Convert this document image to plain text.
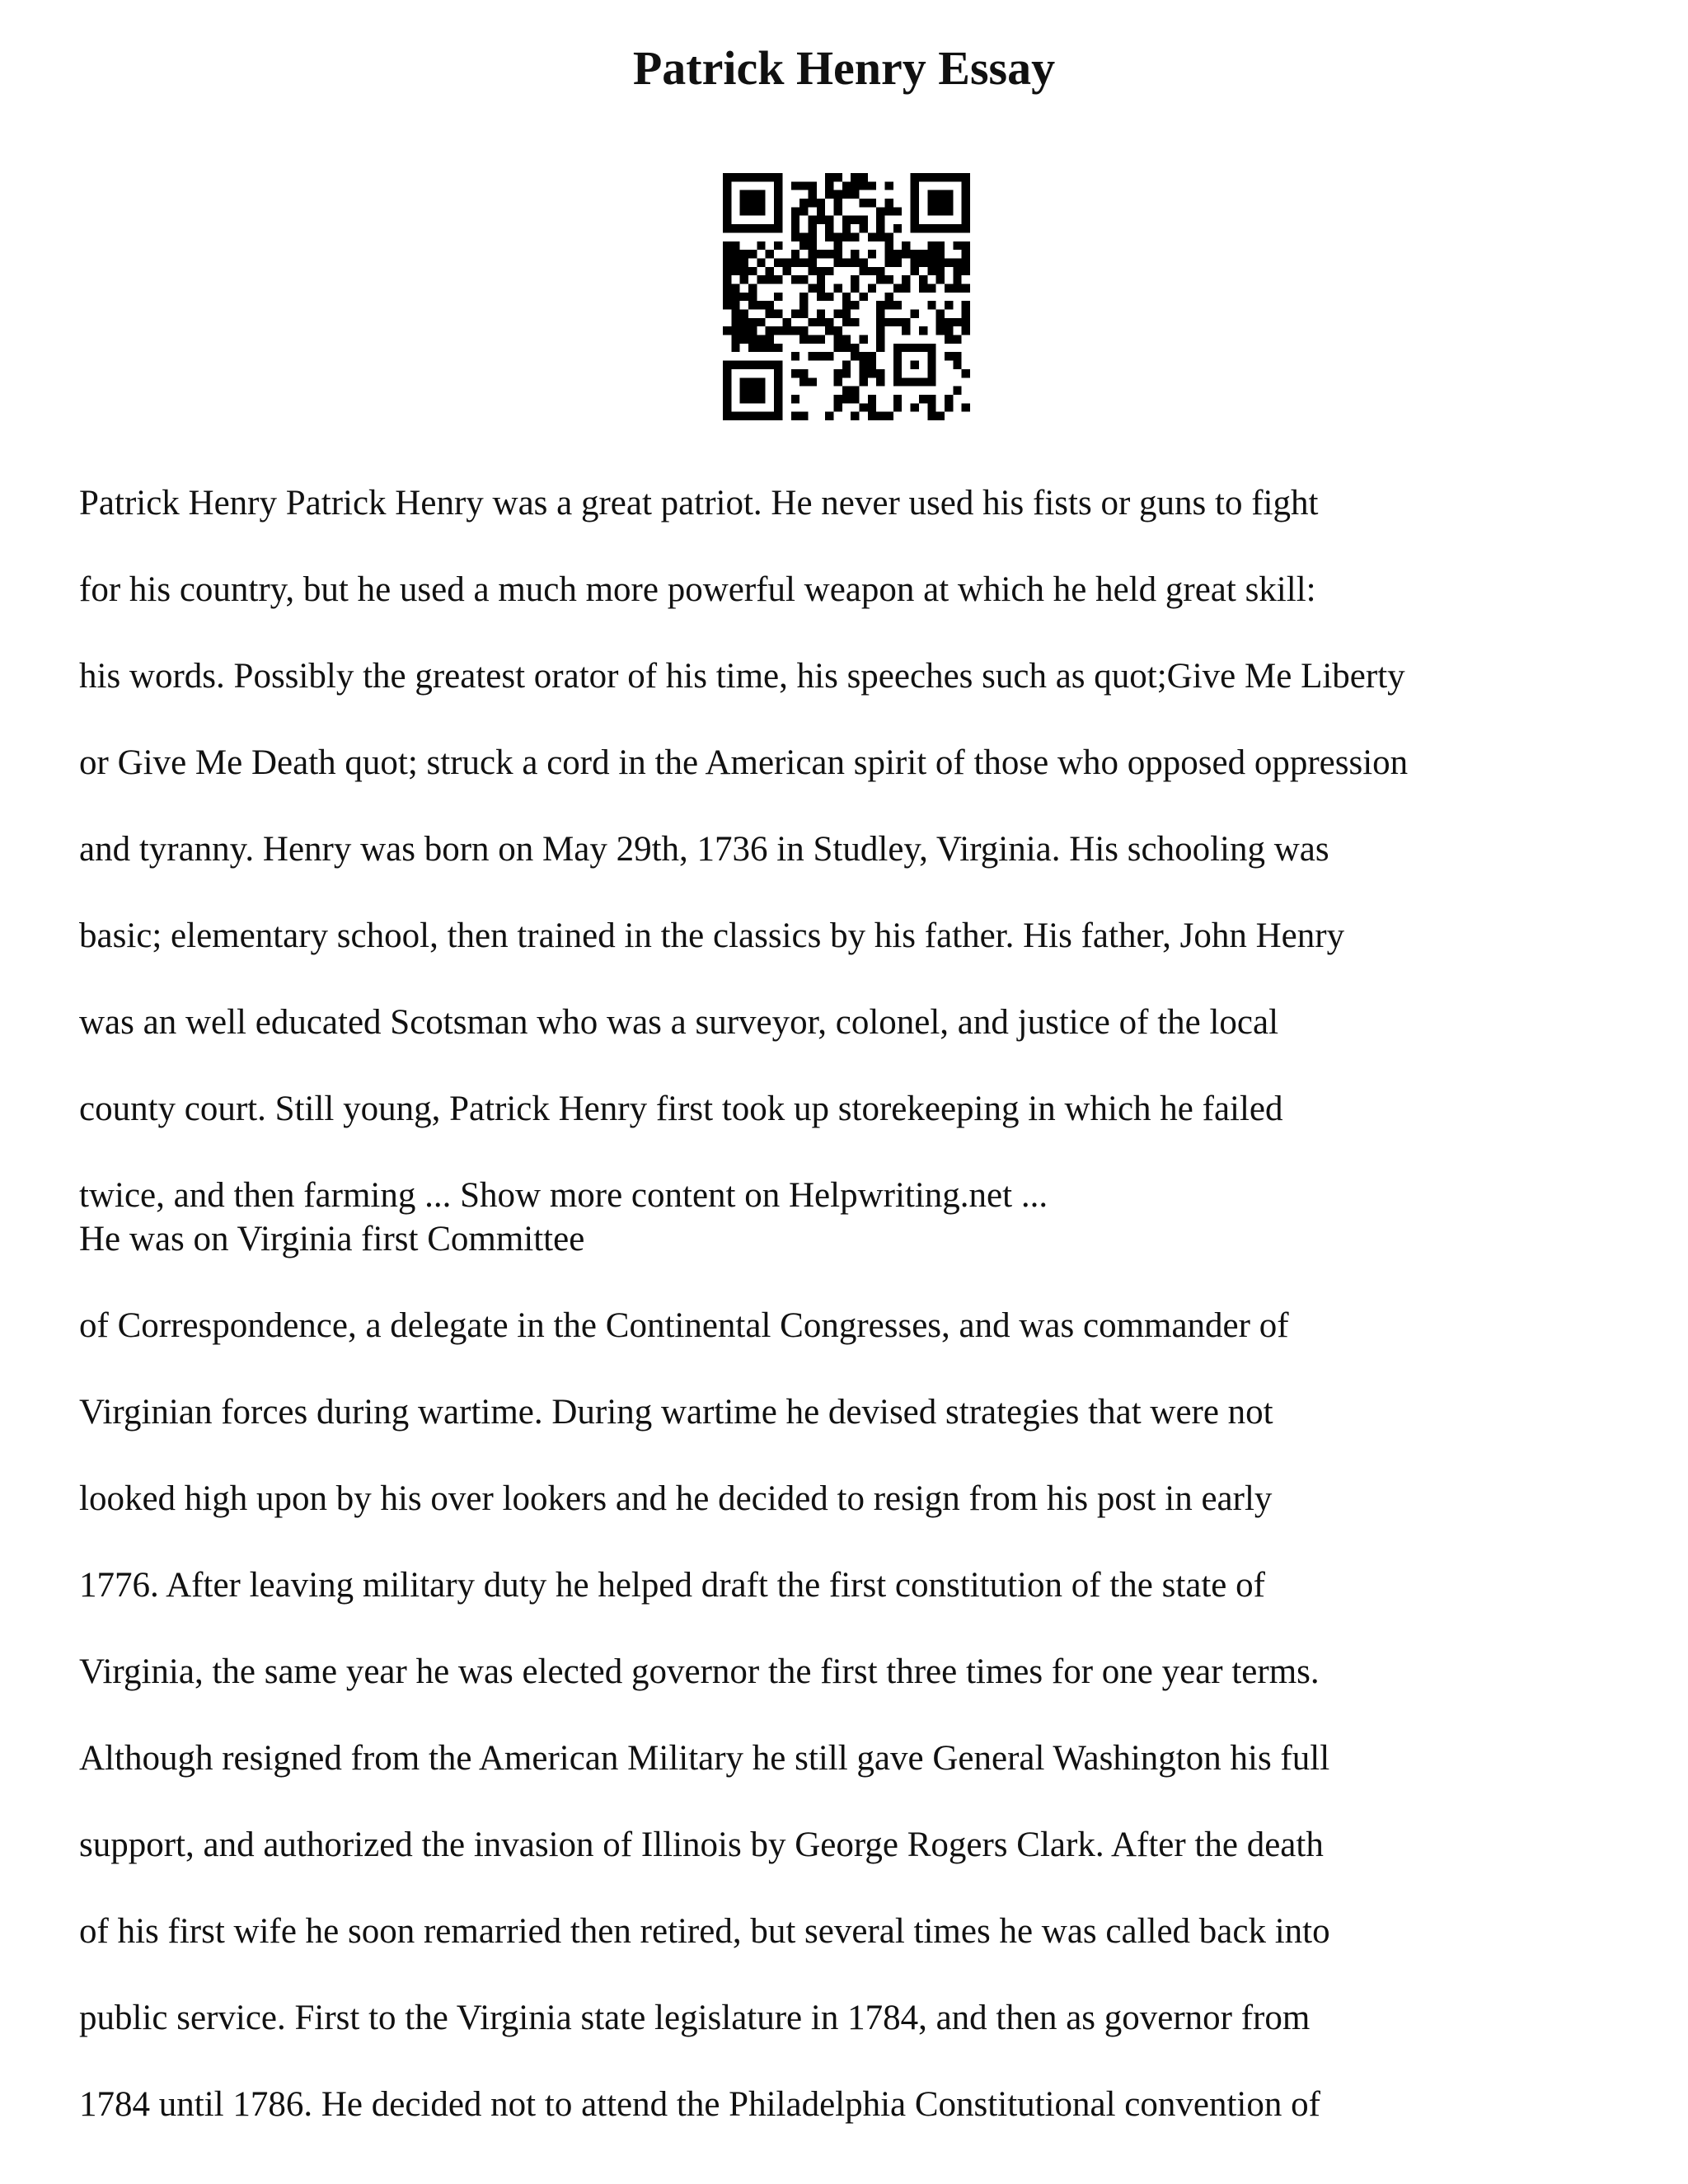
Patrick Henry Essay

Patrick Henry Patrick Henry was a great patriot. He never used his fists or guns to fight

for his country, but he used a much more powerful weapon at which he held great skill:

his words. Possibly the greatest orator of his time, his speeches such as quot;Give Me Liberty

or Give Me Death quot; struck a cord in the American spirit of those who opposed oppression

and tyranny. Henry was born on May 29th, 1736 in Studley, Virginia. His schooling was

basic; elementary school, then trained in the classics by his father. His father, John Henry

was an well educated Scotsman who was a surveyor, colonel, and justice of the local

county court. Still young, Patrick Henry first took up storekeeping in which he failed

twice, and then farming ... Show more content on Helpwriting.net ...

He was on Virginia first Committee

of Correspondence, a delegate in the Continental Congresses, and was commander of

Virginian forces during wartime. During wartime he devised strategies that were not

looked high upon by his over lookers and he decided to resign from his post in early

1776. After leaving military duty he helped draft the first constitution of the state of

Virginia, the same year he was elected governor the first three times for one year terms.

Although resigned from the American Military he still gave General Washington his full

support, and authorized the invasion of Illinois by George Rogers Clark. After the death

of his first wife he soon remarried then retired, but several times he was called back into

public service. First to the Virginia state legislature in 1784, and then as governor from

1784 until 1786. He decided not to attend the Philadelphia Constitutional convention of
